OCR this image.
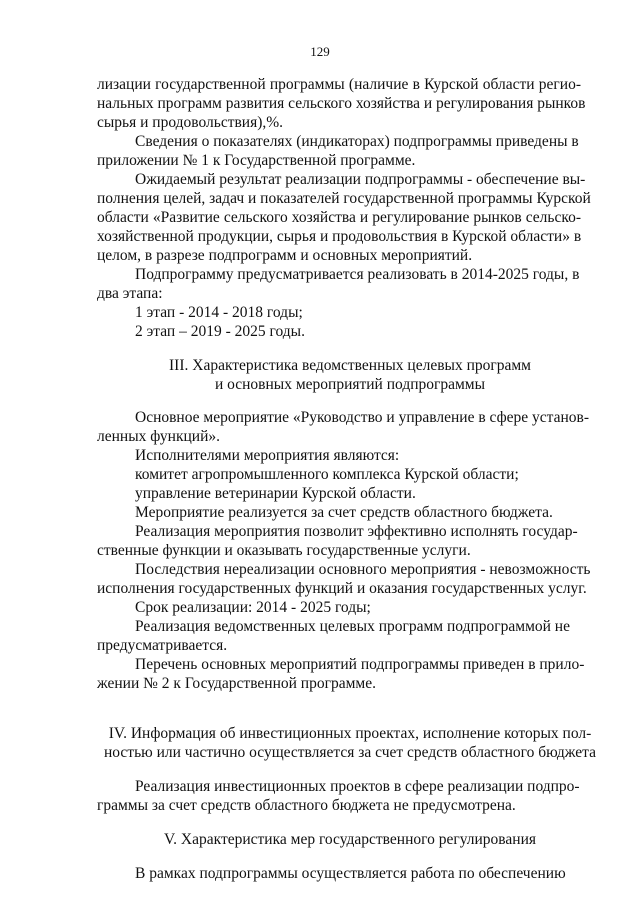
129
лизации государственной программы (наличие в Курской области регио-
нальных программ развития сельского хозяйства и регулирования рынков
сырья и продовольствия),%.
Сведения о показателях (индикаторах) подпрограммы приведены в
приложении № 1 к Государственной программе.
Ожидаемый результат реализации подпрограммы - обеспечение вы-
полнения целей, задач и показателей государственной программы Курской
области «Развитие сельского хозяйства и регулирование рынков сельско-
хозяйственной продукции, сырья и продовольствия в Курской области» в
целом, в разрезе подпрограмм и основных мероприятий.
Подпрограмму предусматривается реализовать в 2014-2025 годы, в
два этапа:
1 этап - 2014 - 2018 годы;
2 этап – 2019 - 2025 годы.
III. Характеристика ведомственных целевых программ
и основных мероприятий подпрограммы
Основное мероприятие «Руководство и управление в сфере установ-
ленных функций».
Исполнителями мероприятия являются:
комитет агропромышленного комплекса Курской области;
управление ветеринарии Курской области.
Мероприятие реализуется за счет средств областного бюджета.
Реализация мероприятия позволит эффективно исполнять государ-
ственные функции и оказывать государственные услуги.
Последствия нереализации основного мероприятия - невозможность
исполнения государственных функций и оказания государственных услуг.
Срок реализации: 2014 - 2025 годы;
Реализация ведомственных целевых программ подпрограммой не
предусматривается.
Перечень основных мероприятий подпрограммы приведен в прило-
жении № 2 к Государственной программе.
IV. Информация об инвестиционных проектах, исполнение которых пол-
ностью или частично осуществляется за счет средств областного бюджета
Реализация инвестиционных проектов в сфере реализации подпро-
граммы за счет средств областного бюджета не предусмотрена.
V. Характеристика мер государственного регулирования
В рамках подпрограммы осуществляется работа по обеспечению
